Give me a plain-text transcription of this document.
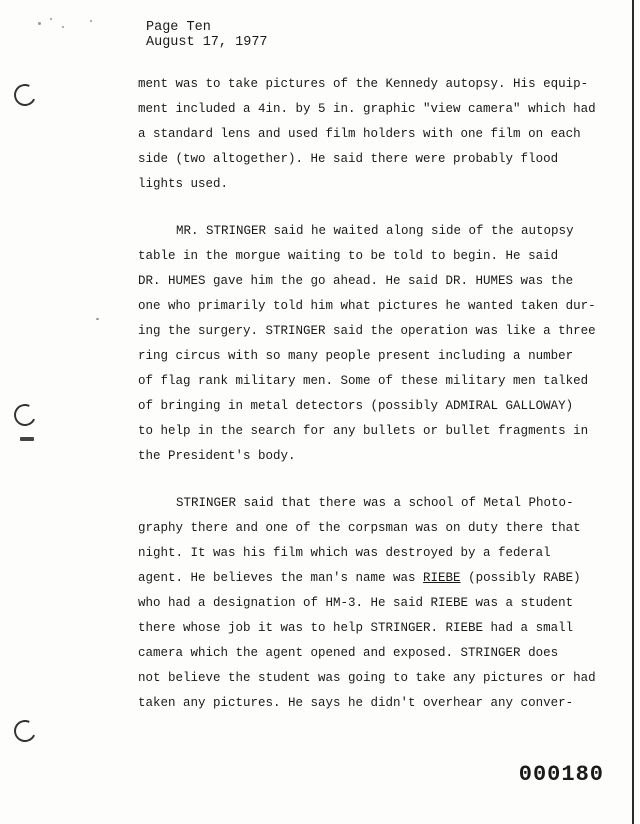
Page Ten
August 17, 1977
ment was to take pictures of the Kennedy autopsy. His equip-
ment included a 4in. by 5 in. graphic "view camera" which had
a standard lens and used film holders with one film on each
side (two altogether). He said there were probably flood
lights used.
MR. STRINGER said he waited along side of the autopsy
table in the morgue waiting to be told to begin. He said
DR. HUMES gave him the go ahead. He said DR. HUMES was the
one who primarily told him what pictures he wanted taken dur-
ing the surgery. STRINGER said the operation was like a three
ring circus with so many people present including a number
of flag rank military men. Some of these military men talked
of bringing in metal detectors (possibly ADMIRAL GALLOWAY)
to help in the search for any bullets or bullet fragments in
the President's body.
STRINGER said that there was a school of Metal Photo-
graphy there and one of the corpsman was on duty there that
night. It was his film which was destroyed by a federal
agent. He believes the man's name was RIEBE (possibly RABE)
who had a designation of HM-3. He said RIEBE was a student
there whose job it was to help STRINGER. RIEBE had a small
camera which the agent opened and exposed. STRINGER does
not believe the student was going to take any pictures or had
taken any pictures. He says he didn't overhear any conver-
000180
